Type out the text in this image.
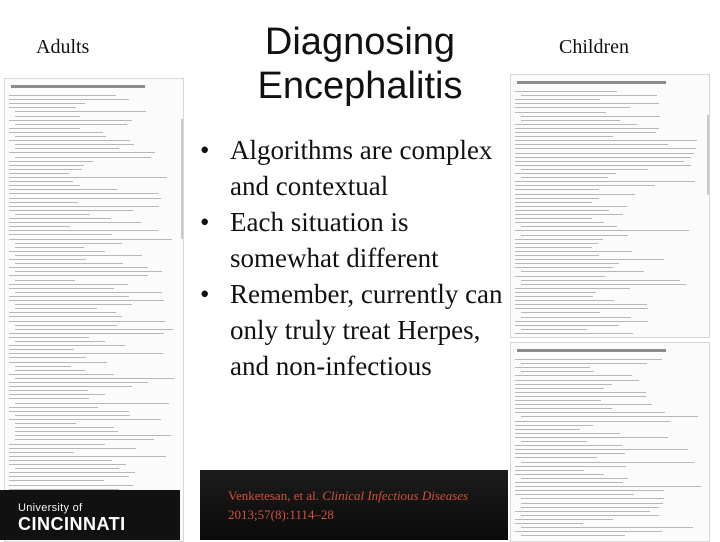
Adults	Diagnosing Encephalitis
Children
• Algorithms are complex and contextual
• Each situation is somewhat different
• Remember, currently can only truly treat Herpes, and non-infectious
Venketesan, et al. Clinical Infectious Diseases 2013;57(8):1114–28
University of
CINCINNATI
